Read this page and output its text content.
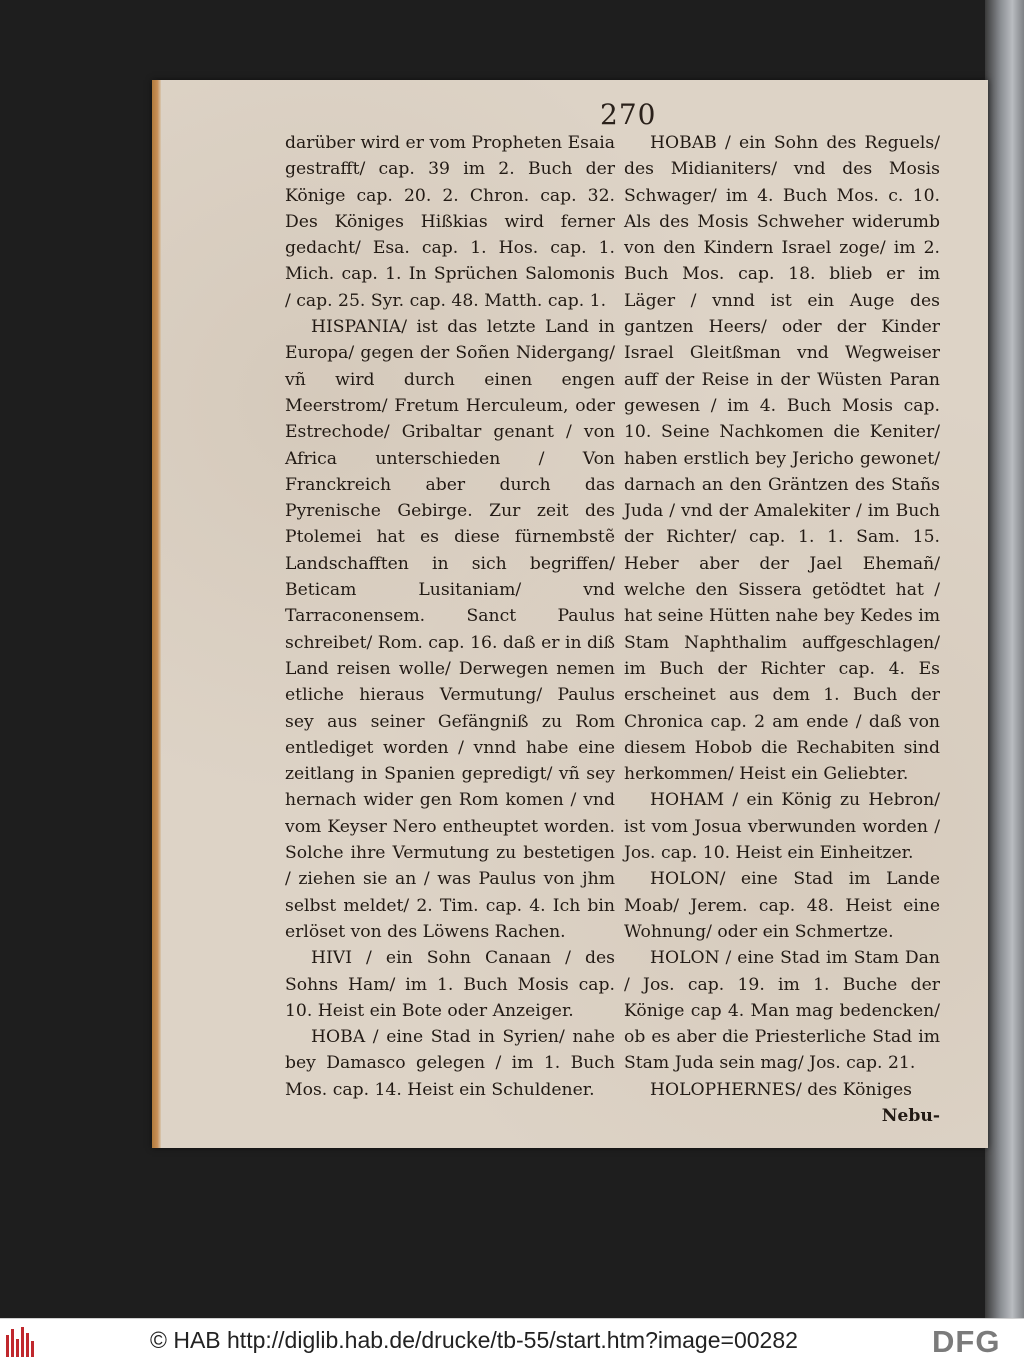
270

darüber wird er vom Propheten Esaia gestrafft/ cap. 39 im 2. Buch der Könige cap. 20. 2. Chron. cap. 32. Des Königes Hißkias wird ferner gedacht/ Esa. cap. 1. Hos. cap. 1. Mich. cap. 1. In Sprüchen Salomonis / cap. 25. Syr. cap. 48. Matth. cap. 1.

HISPANIA/ ist das letzte Land in Europa/ gegen der Soñen Nidergang/ vñ wird durch einen engen Meerstrom/ Fretum Herculeum, oder Estrechode/ Gribaltar genant / von Africa unterschieden / Von Franckreich aber durch das Pyrenische Gebirge. Zur zeit des Ptolemei hat es diese fürnembstẽ Landschafften in sich begriffen/ Beticam Lusitaniam/ vnd Tarraconensem. Sanct Paulus schreibet/ Rom. cap. 16. daß er in diß Land reisen wolle/ Derwegen nemen etliche hieraus Vermutung/ Paulus sey aus seiner Gefängniß zu Rom entlediget worden / vnnd habe eine zeitlang in Spanien gepredigt/ vñ sey hernach wider gen Rom komen / vnd vom Keyser Nero entheuptet worden. Solche ihre Vermutung zu bestetigen / ziehen sie an / was Paulus von jhm selbst meldet/ 2. Tim. cap. 4. Ich bin erlöset von des Löwens Rachen.

HIVI / ein Sohn Canaan / des Sohns Ham/ im 1. Buch Mosis cap. 10. Heist ein Bote oder Anzeiger.

HOBA / eine Stad in Syrien/ nahe bey Damasco gelegen / im 1. Buch Mos. cap. 14. Heist ein Schuldener.

HOBAB / ein Sohn des Reguels/ des Midianiters/ vnd des Mosis Schwager/ im 4. Buch Mos. c. 10. Als des Mosis Schweher widerumb von den Kindern Israel zoge/ im 2. Buch Mos. cap. 18. blieb er im Läger / vnnd ist ein Auge des gantzen Heers/ oder der Kinder Israel Gleitßman vnd Wegweiser auff der Reise in der Wüsten Paran gewesen / im 4. Buch Mosis cap. 10. Seine Nachkomen die Keniter/ haben erstlich bey Jericho gewonet/ darnach an den Gräntzen des Stañs Juda / vnd der Amalekiter / im Buch der Richter/ cap. 1. 1. Sam. 15. Heber aber der Jael Ehemañ/ welche den Sissera getödtet hat / hat seine Hütten nahe bey Kedes im Stam Naphthalim auffgeschlagen/ im Buch der Richter cap. 4. Es erscheinet aus dem 1. Buch der Chronica cap. 2 am ende / daß von diesem Hobob die Rechabiten sind herkommen/ Heist ein Geliebter.

HOHAM / ein König zu Hebron/ ist vom Josua vberwunden worden / Jos. cap. 10. Heist ein Einheitzer.

HOLON/ eine Stad im Lande Moab/ Jerem. cap. 48. Heist eine Wohnung/ oder ein Schmertze.

HOLON / eine Stad im Stam Dan / Jos. cap. 19. im 1. Buche der Könige cap 4. Man mag bedencken/ ob es aber die Priesterliche Stad im Stam Juda sein mag/ Jos. cap. 21.

HOLOPHERNES/ des Königes

Nebu-

© HAB http://diglib.hab.de/drucke/tb-55/start.htm?image=00282	DFG
